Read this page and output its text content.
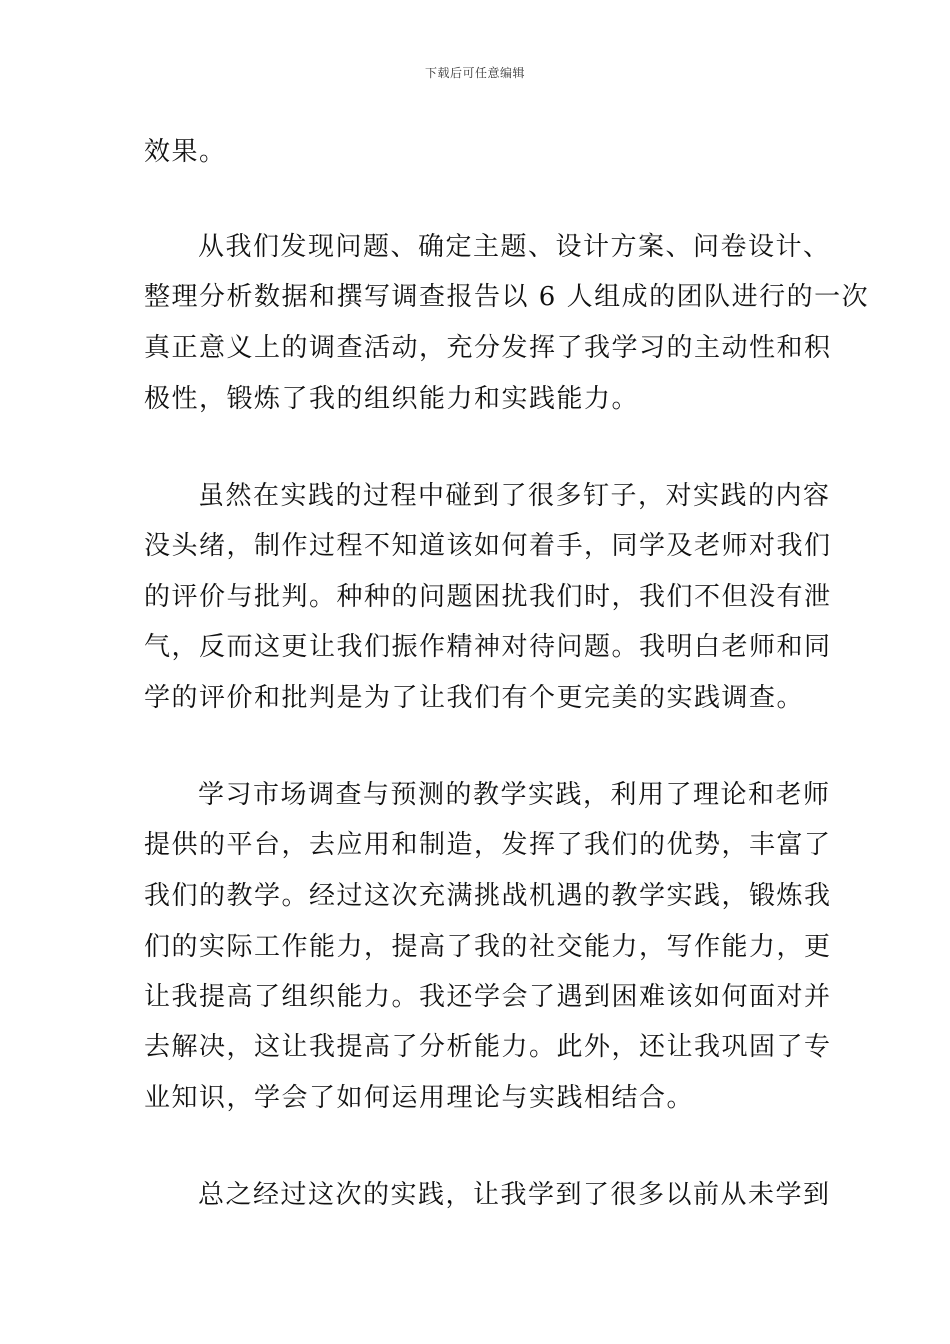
下载后可任意编辑
效果。
从我们发现问题、确定主题、设计方案、问卷设计、
整理分析数据和撰写调查报告以 6 人组成的团队进行的一次
真正意义上的调查活动，充分发挥了我学习的主动性和积
极性，锻炼了我的组织能力和实践能力。
虽然在实践的过程中碰到了很多钉子，对实践的内容
没头绪，制作过程不知道该如何着手，同学及老师对我们
的评价与批判。种种的问题困扰我们时，我们不但没有泄
气，反而这更让我们振作精神对待问题。我明白老师和同
学的评价和批判是为了让我们有个更完美的实践调查。
学习市场调查与预测的教学实践，利用了理论和老师
提供的平台，去应用和制造，发挥了我们的优势，丰富了
我们的教学。经过这次充满挑战机遇的教学实践，锻炼我
们的实际工作能力，提高了我的社交能力，写作能力，更
让我提高了组织能力。我还学会了遇到困难该如何面对并
去解决，这让我提高了分析能力。此外，还让我巩固了专
业知识，学会了如何运用理论与实践相结合。
总之经过这次的实践，让我学到了很多以前从未学到
